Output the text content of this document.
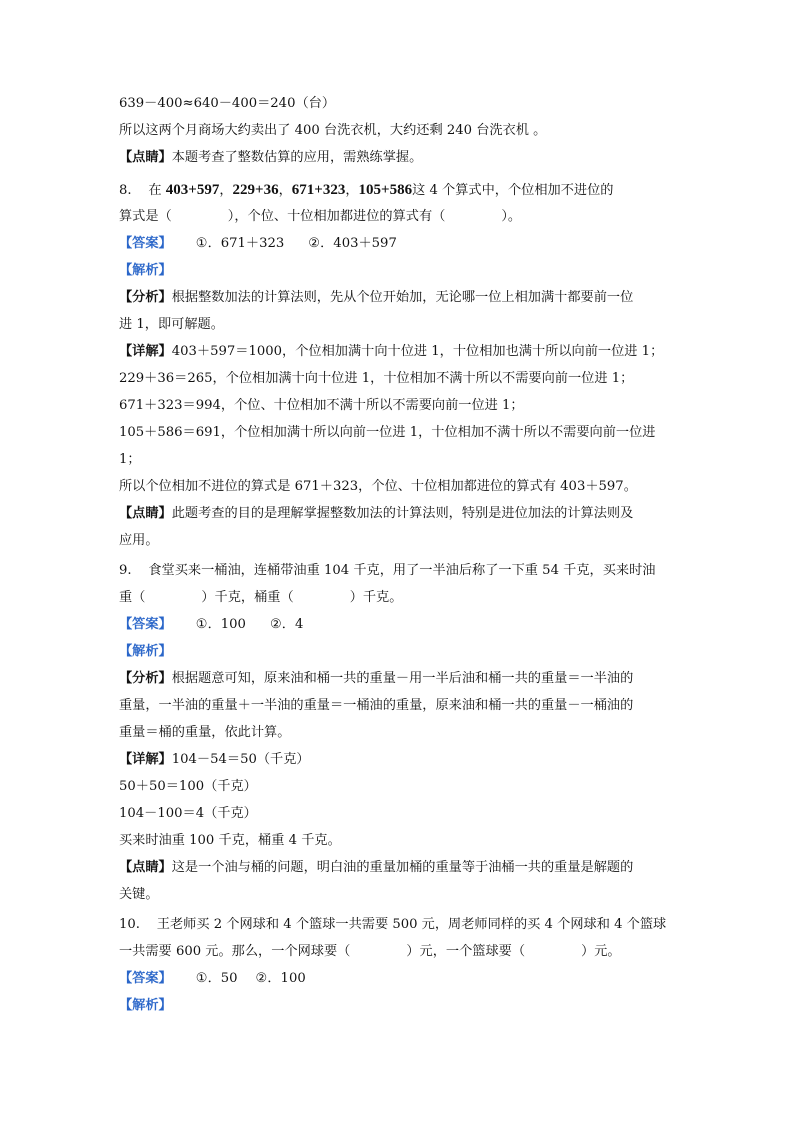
639－400≈640－400＝240（台）
所以这两个月商场大约卖出了 400 台洗衣机，大约还剩 240 台洗衣机 。
【点睛】本题考查了整数估算的应用，需熟练掌握。
8. 在 403+597，229+36，671+323，105+586这 4 个算式中，个位相加不进位的
算式是（	），个位、十位相加都进位的算式有（	）。
【答案】 ①．671＋323 ②．403＋597
【解析】
【分析】根据整数加法的计算法则，先从个位开始加，无论哪一位上相加满十都要前一位
进 1，即可解题。
【详解】403＋597＝1000，个位相加满十向十位进 1，十位相加也满十所以向前一位进 1；
229＋36＝265，个位相加满十向十位进 1，十位相加不满十所以不需要向前一位进 1；
671＋323＝994，个位、十位相加不满十所以不需要向前一位进 1；
105＋586＝691，个位相加满十所以向前一位进 1，十位相加不满十所以不需要向前一位进
1；
所以个位相加不进位的算式是 671＋323，个位、十位相加都进位的算式有 403＋597。
【点睛】此题考查的目的是理解掌握整数加法的计算法则，特别是进位加法的计算法则及
应用。
9. 食堂买来一桶油，连桶带油重 104 千克，用了一半油后称了一下重 54 千克，买来时油
重（	）千克，桶重（	）千克。
【答案】 ①．100 ②．4
【解析】
【分析】根据题意可知，原来油和桶一共的重量－用一半后油和桶一共的重量＝一半油的
重量，一半油的重量＋一半油的重量＝一桶油的重量，原来油和桶一共的重量－一桶油的
重量＝桶的重量，依此计算。
【详解】104－54＝50（千克）
50＋50＝100（千克）
104－100＝4（千克）
买来时油重 100 千克，桶重 4 千克。
【点睛】这是一个油与桶的问题，明白油的重量加桶的重量等于油桶一共的重量是解题的
关键。
10. 王老师买 2 个网球和 4 个篮球一共需要 500 元，周老师同样的买 4 个网球和 4 个篮球
一共需要 600 元。那么，一个网球要（	）元，一个篮球要（	）元。
【答案】 ①．50 ②．100
【解析】
